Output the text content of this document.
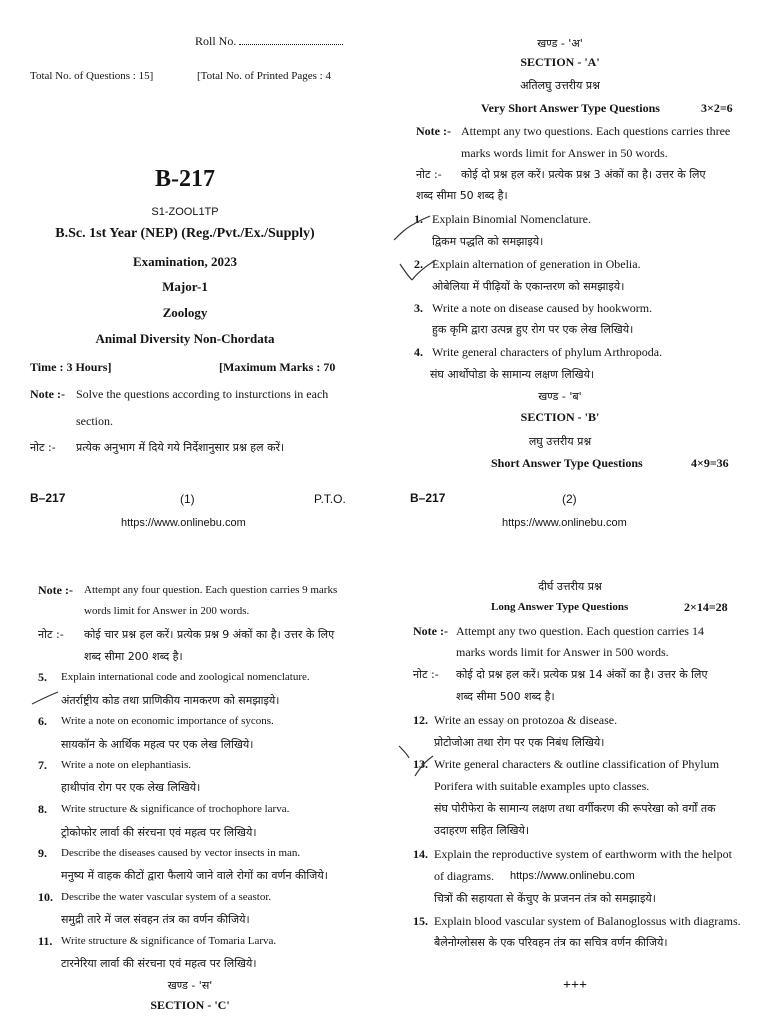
Roll No.
Total No. of Questions : 15]	[Total No. of Printed Pages : 4
B-217
S1-ZOOL1TP
B.Sc. 1st Year (NEP) (Reg./Pvt./Ex./Supply)
Examination, 2023
Major-1
Zoology
Animal Diversity Non-Chordata
Time : 3 Hours]	[Maximum Marks : 70
Note :- Solve the questions according to insturctions in each
section.
नोट :- प्रत्येक अनुभाग में दिये गये निर्देशानुसार प्रश्न हल करें।
B–217	(1)	P.T.O.
https://www.onlinebu.com
खण्ड - 'अ'
SECTION - 'A'
अतिलघु उत्तरीय प्रश्न
Very Short Answer Type Questions	3×2=6
Note :- Attempt any two questions. Each questions carries three
marks words limit for Answer in 50 words.
नोट :- कोई दो प्रश्न हल करें। प्रत्येक प्रश्न 3 अंकों का है। उत्तर के लिए
शब्द सीमा 50 शब्द है।
1. Explain Binomial Nomenclature.
द्विकम पद्धति को समझाइये।
2. Explain alternation of generation in Obelia.
ओबेलिया में पीढ़ियों के एकान्तरण को समझाइये।
3. Write a note on disease caused by hookworm.
हुक कृमि द्वारा उत्पन्न हुए रोग पर एक लेख लिखिये।
4. Write general characters of phylum Arthropoda.
संघ आर्थोपोडा के सामान्य लक्षण लिखिये।
खण्ड - 'ब'
SECTION - 'B'
लघु उत्तरीय प्रश्न
Short Answer Type Questions	4×9=36
B–217	(2)
https://www.onlinebu.com
Note :- Attempt any four question. Each question carries 9 marks
words limit for Answer in 200 words.
नोट :- कोई चार प्रश्न हल करें। प्रत्येक प्रश्न 9 अंकों का है। उत्तर के लिए
शब्द सीमा 200 शब्द है।
5. Explain international code and zoological nomenclature.
अंतर्राष्ट्रीय कोड तथा प्राणिकीय नामकरण को समझाइये।
6. Write a note on economic importance of sycons.
सायकॉन के आर्थिक महत्व पर एक लेख लिखिये।
7. Write a note on elephantiasis.
हाथीपांव रोग पर एक लेख लिखिये।
8. Write structure & significance of trochophore larva.
ट्रोकोफोर लार्वा की संरचना एवं महत्व पर लिखिये।
9. Describe the diseases caused by vector insects in man.
मनुष्य में वाहक कीटों द्वारा फैलाये जाने वाले रोगों का वर्णन कीजिये।
10. Describe the water vascular system of a seastor.
समुद्री तारे में जल संवहन तंत्र का वर्णन कीजिये।
11. Write structure & significance of Tomaria Larva.
टारनेरिया लार्वा की संरचना एवं महत्व पर लिखिये।
खण्ड - 'स'
SECTION - 'C'
दीर्घ उत्तरीय प्रश्न
Long Answer Type Questions	2×14=28
Note :- Attempt any two question. Each question carries 14
marks words limit for Answer in 500 words.
नोट :- कोई दो प्रश्न हल करें। प्रत्येक प्रश्न 14 अंकों का है। उत्तर के लिए
शब्द सीमा 500 शब्द है।
12. Write an essay on protozoa & disease.
प्रोटोजोआ तथा रोग पर एक निबंध लिखिये।
13. Write general characters & outline classification of Phylum
Porifera with suitable examples upto classes.
संघ पोरीफेरा के सामान्य लक्षण तथा वर्गीकरण की रूपरेखा को वर्गों तक
उदाहरण सहित लिखिये।
14. Explain the reproductive system of earthworm with the helpot
of diagrams. https://www.onlinebu.com
चित्रों की सहायता से केंचुए के प्रजनन तंत्र को समझाइये।
15. Explain blood vascular system of Balanoglossus with diagrams.
बैलेनोग्लोसस के एक परिवहन तंत्र का सचित्र वर्णन कीजिये।
+++
